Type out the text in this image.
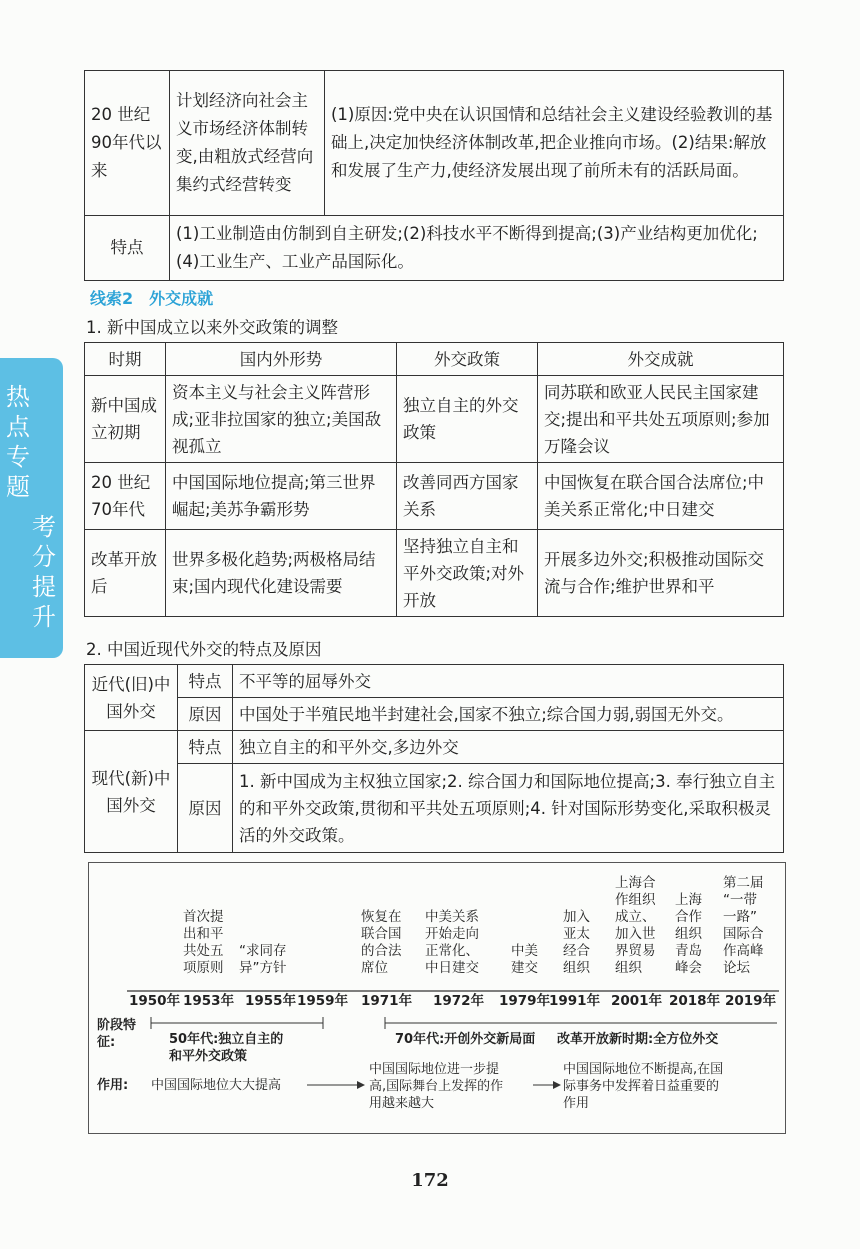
20 世纪 90年代以来	计划经济向社会主义市场经济体制转变,由粗放式经营向集约式经营转变	(1)原因:党中央在认识国情和总结社会主义建设经验教训的基础上,决定加快经济体制改革,把企业推向市场。(2)结果:解放和发展了生产力,使经济发展出现了前所未有的活跃局面。
特点	(1)工业制造由仿制到自主研发;(2)科技水平不断得到提高;(3)产业结构更加优化;(4)工业生产、工业产品国际化。	
线索2　外交成就
1. 新中国成立以来外交政策的调整
热点专题
考分提升
时期	国内外形势	外交政策	外交成就
新中国成立初期	资本主义与社会主义阵营形成;亚非拉国家的独立;美国敌视孤立	独立自主的外交政策	同苏联和欧亚人民民主国家建交;提出和平共处五项原则;参加万隆会议
20 世纪70年代	中国国际地位提高;第三世界崛起;美苏争霸形势	改善同西方国家关系	中国恢复在联合国合法席位;中美关系正常化;中日建交
改革开放后	世界多极化趋势;两极格局结束;国内现代化建设需要	坚持独立自主和平外交政策;对外开放	开展多边外交;积极推动国际交流与合作;维护世界和平
2. 中国近现代外交的特点及原因
近代(旧)中国外交	特点	不平等的屈辱外交
	原因	中国处于半殖民地半封建社会,国家不独立;综合国力弱,弱国无外交。
现代(新)中国外交	特点	独立自主的和平外交,多边外交
	原因	1. 新中国成为主权独立国家;2. 综合国力和国际地位提高;3. 奉行独立自主的和平外交政策,贯彻和平共处五项原则;4. 针对国际形势变化,采取积极灵活的外交政策。
首次提
出和平
共处五
项原则
“求同存
异”方针
恢复在
联合国
的合法
席位
中美关系
开始走向
正常化、
中日建交
中美
建交
加入
亚太
经合
组织
上海合
作组织
成立、
加入世
界贸易
组织
上海
合作
组织
青岛
峰会
第二届
“一带
一路”
国际合
作高峰
论坛
1950年 1953年 1955年 1959年 1971年 1972年 1979年
1991年 2001年 2018年 2019年
阶段特征:	50年代:独立自主的
和平外交政策
70年代:开创外交新局面 改革开放新时期:全方位外交
作用: 中国国际地位大大提高
中国国际地位进一步提
高,国际舞台上发挥的作
用越来越大
中国国际地位不断提高,在国
际事务中发挥着日益重要的
作用
172
